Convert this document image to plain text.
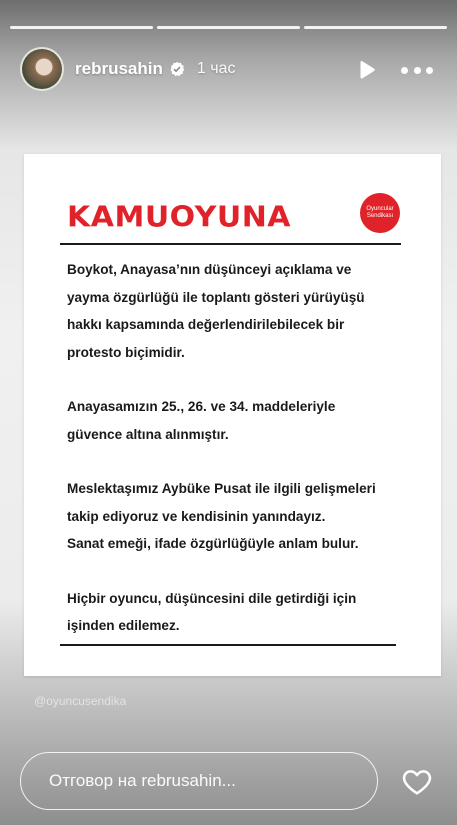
rebrusahin 1 час
KAMUOYUNA	Oyuncular Sendikası

Boykot, Anayasa’nın düşünceyi açıklama ve
yayma özgürlüğü ile toplantı gösteri yürüyüşü
hakkı kapsamında değerlendirilebilecek bir
protesto biçimidir.

Anayasamızın 25., 26. ve 34. maddeleriyle
güvence altına alınmıştır.

Meslektaşımız Aybüke Pusat ile ilgili gelişmeleri
takip ediyoruz ve kendisinin yanındayız.
Sanat emeği, ifade özgürlüğüyle anlam bulur.

Hiçbir oyuncu, düşüncesini dile getirdiği için
işinden edilemez.

@oyuncusendika
Отговор на rebrusahin...
